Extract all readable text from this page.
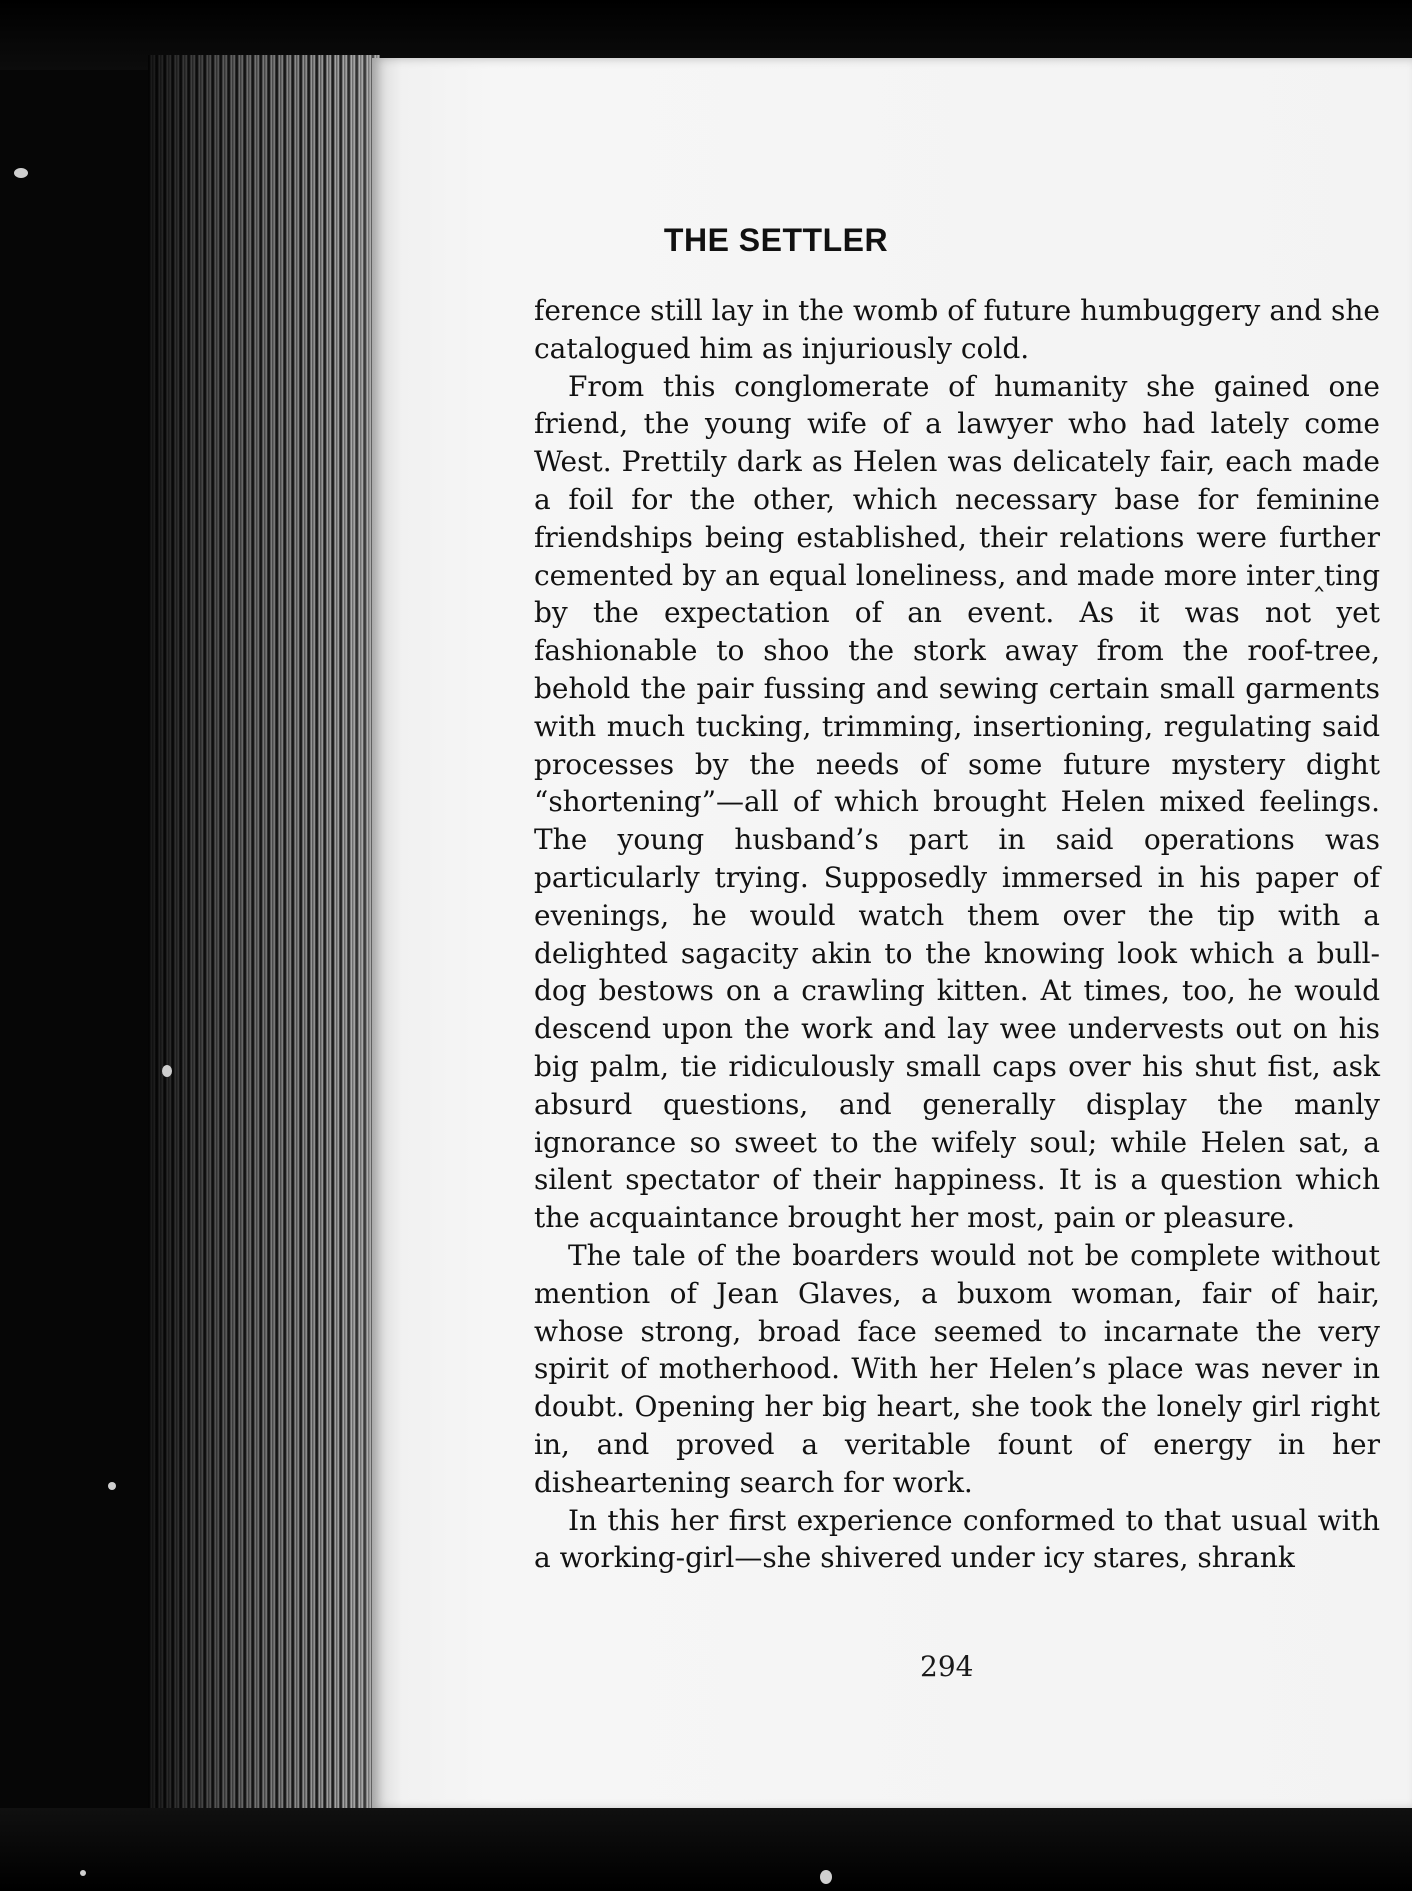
THE SETTLER

ference still lay in the womb of future humbuggery and she catalogued him as injuriously cold.

From this conglomerate of humanity she gained one friend, the young wife of a lawyer who had lately come West. Prettily dark as Helen was delicately fair, each made a foil for the other, which necessary base for feminine friendships being established, their relations were further cemented by an equal loneliness, and made more inter‸ting by the expectation of an event. As it was not yet fashionable to shoo the stork away from the roof-tree, behold the pair fussing and sewing certain small garments with much tucking, trimming, insertioning, regulating said processes by the needs of some future mystery dight “shortening”—all of which brought Helen mixed feelings. The young husband’s part in said operations was particularly trying. Supposedly immersed in his paper of evenings, he would watch them over the tip with a delighted sagacity akin to the knowing look which a bull-dog bestows on a crawling kitten. At times, too, he would descend upon the work and lay wee undervests out on his big palm, tie ridiculously small caps over his shut fist, ask absurd questions, and generally display the manly ignorance so sweet to the wifely soul; while Helen sat, a silent spectator of their happiness. It is a question which the acquaintance brought her most, pain or pleasure.

The tale of the boarders would not be complete without mention of Jean Glaves, a buxom woman, fair of hair, whose strong, broad face seemed to incarnate the very spirit of motherhood. With her Helen’s place was never in doubt. Opening her big heart, she took the lonely girl right in, and proved a veritable fount of energy in her disheartening search for work.

In this her first experience conformed to that usual with a working-girl—she shivered under icy stares, shrank

294
